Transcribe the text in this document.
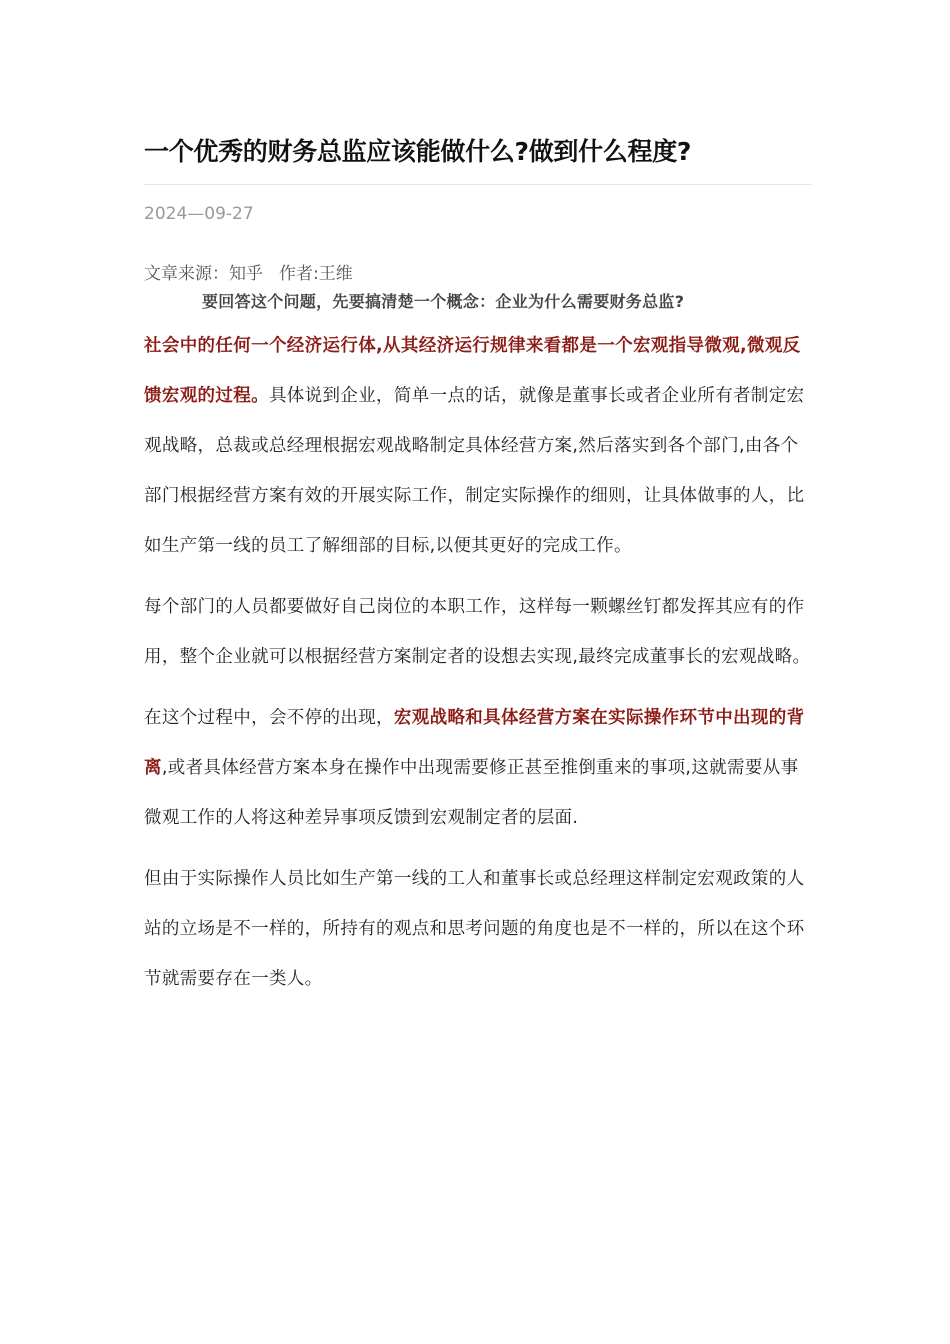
一个优秀的财务总监应该能做什么?做到什么程度?
2024—09-27
文章来源：知乎 作者:王维
要回答这个问题，先要搞清楚一个概念：企业为什么需要财务总监?

社会中的任何一个经济运行体,从其经济运行规律来看都是一个宏观指导微观,微观反馈宏观的过程。具体说到企业，简单一点的话，就像是董事长或者企业所有者制定宏观战略，总裁或总经理根据宏观战略制定具体经营方案,然后落实到各个部门,由各个部门根据经营方案有效的开展实际工作，制定实际操作的细则，让具体做事的人，比如生产第一线的员工了解细部的目标,以便其更好的完成工作。

每个部门的人员都要做好自己岗位的本职工作，这样每一颗螺丝钉都发挥其应有的作用，整个企业就可以根据经营方案制定者的设想去实现,最终完成董事长的宏观战略。

在这个过程中，会不停的出现，宏观战略和具体经营方案在实际操作环节中出现的背离,或者具体经营方案本身在操作中出现需要修正甚至推倒重来的事项,这就需要从事微观工作的人将这种差异事项反馈到宏观制定者的层面.

但由于实际操作人员比如生产第一线的工人和董事长或总经理这样制定宏观政策的人站的立场是不一样的，所持有的观点和思考问题的角度也是不一样的，所以在这个环节就需要存在一类人。
